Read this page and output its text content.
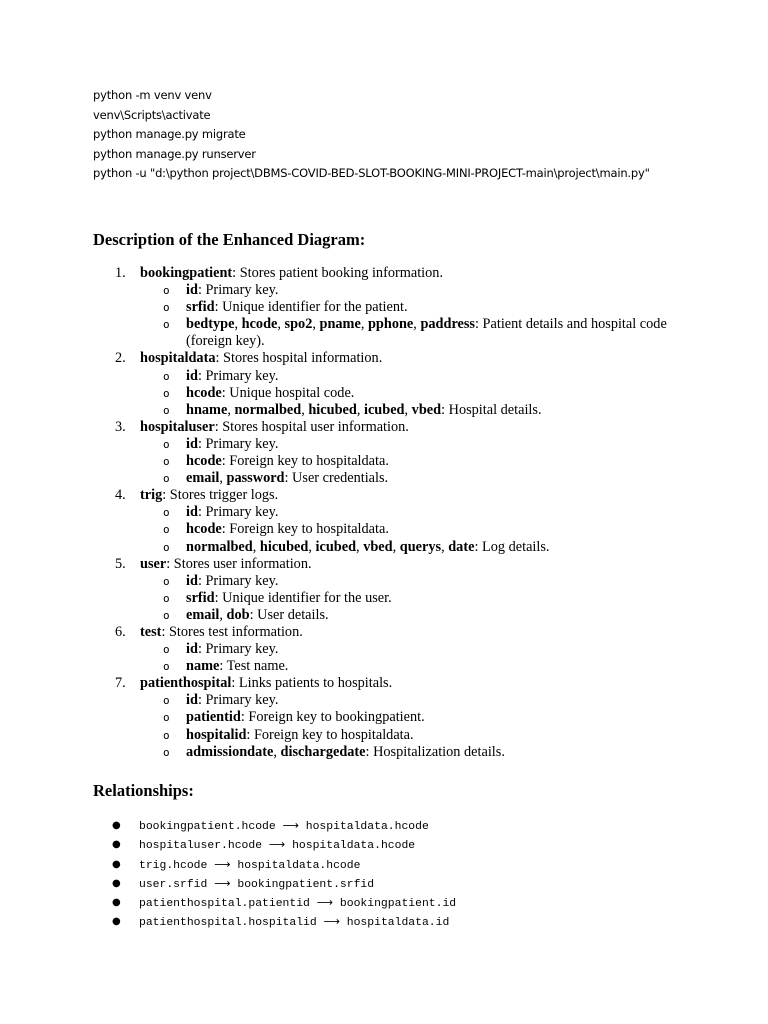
python -m venv venv
venv\Scripts\activate
python manage.py migrate
python manage.py runserver
python -u "d:\python project\DBMS-COVID-BED-SLOT-BOOKING-MINI-PROJECT-main\project\main.py"
Description of the Enhanced Diagram:
1. bookingpatient: Stores patient booking information.
o id: Primary key.
o srfid: Unique identifier for the patient.
o bedtype, hcode, spo2, pname, pphone, paddress: Patient details and hospital code (foreign key).
2. hospitaldata: Stores hospital information.
o id: Primary key.
o hcode: Unique hospital code.
o hname, normalbed, hicubed, icubed, vbed: Hospital details.
3. hospitaluser: Stores hospital user information.
o id: Primary key.
o hcode: Foreign key to hospitaldata.
o email, password: User credentials.
4. trig: Stores trigger logs.
o id: Primary key.
o hcode: Foreign key to hospitaldata.
o normalbed, hicubed, icubed, vbed, querys, date: Log details.
5. user: Stores user information.
o id: Primary key.
o srfid: Unique identifier for the user.
o email, dob: User details.
6. test: Stores test information.
o id: Primary key.
o name: Test name.
7. patienthospital: Links patients to hospitals.
o id: Primary key.
o patientid: Foreign key to bookingpatient.
o hospitalid: Foreign key to hospitaldata.
o admissiondate, dischargedate: Hospitalization details.
Relationships:
● bookingpatient.hcode ⟶ hospitaldata.hcode
● hospitaluser.hcode ⟶ hospitaldata.hcode
● trig.hcode ⟶ hospitaldata.hcode
● user.srfid ⟶ bookingpatient.srfid
● patienthospital.patientid ⟶ bookingpatient.id
● patienthospital.hospitalid ⟶ hospitaldata.id
